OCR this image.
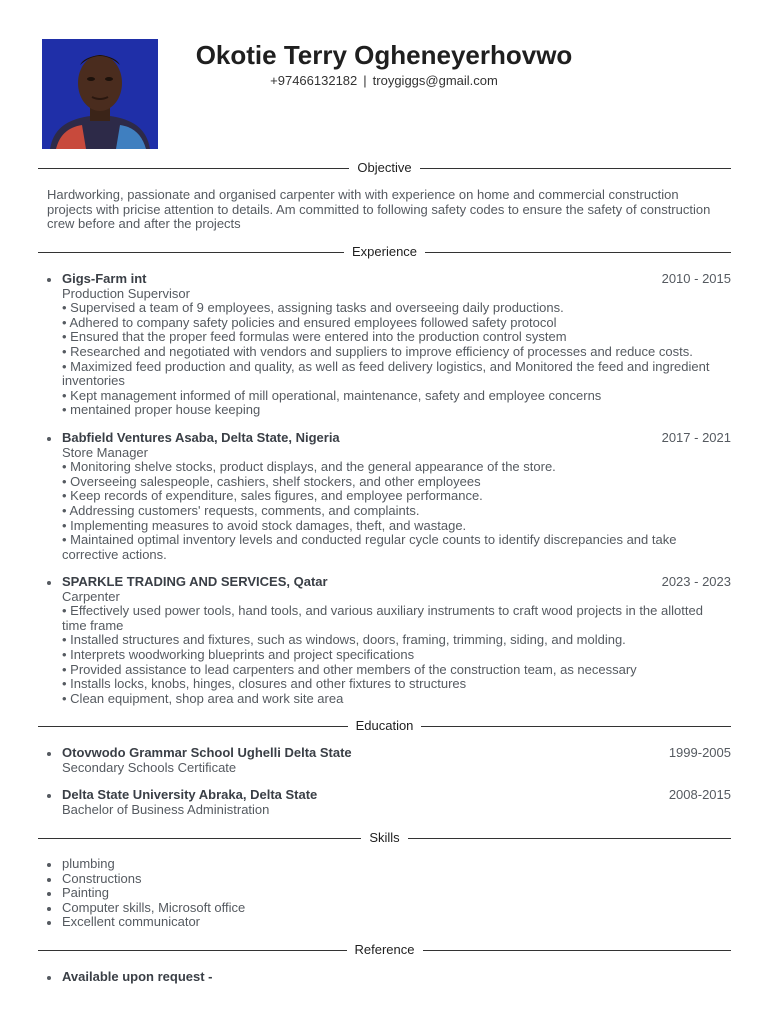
Okotie Terry Ogheneyerhovwo
+97466132182 | troygiggs@gmail.com
Objective
Hardworking, passionate and organised carpenter with with experience on home and commercial construction projects with pricise attention to details. Am committed to following safety codes to ensure the safety of construction crew before and after the projects
Experience
Gigs-Farm int	2010 - 2015
Production Supervisor
• Supervised a team of 9 employees, assigning tasks and overseeing daily productions.
• Adhered to company safety policies and ensured employees followed safety protocol
• Ensured that the proper feed formulas were entered into the production control system
• Researched and negotiated with vendors and suppliers to improve efficiency of processes and reduce costs.
• Maximized feed production and quality, as well as feed delivery logistics, and Monitored the feed and ingredient inventories
• Kept management informed of mill operational, maintenance, safety and employee concerns
• mentained proper house keeping
Babfield Ventures Asaba, Delta State, Nigeria	2017 - 2021
Store Manager
• Monitoring shelve stocks, product displays, and the general appearance of the store.
• Overseeing salespeople, cashiers, shelf stockers, and other employees
• Keep records of expenditure, sales figures, and employee performance.
• Addressing customers' requests, comments, and complaints.
• Implementing measures to avoid stock damages, theft, and wastage.
• Maintained optimal inventory levels and conducted regular cycle counts to identify discrepancies and take corrective actions.
SPARKLE TRADING AND SERVICES, Qatar	2023 - 2023
Carpenter
• Effectively used power tools, hand tools, and various auxiliary instruments to craft wood projects in the allotted time frame
• Installed structures and fixtures, such as windows, doors, framing, trimming, siding, and molding.
• Interprets woodworking blueprints and project specifications
• Provided assistance to lead carpenters and other members of the construction team, as necessary
• Installs locks, knobs, hinges, closures and other fixtures to structures
• Clean equipment, shop area and work site area
Education
Otovwodo Grammar School Ughelli Delta State	1999-2005
Secondary Schools Certificate
Delta State University Abraka, Delta State	2008-2015
Bachelor of Business Administration
Skills
plumbing
Constructions
Painting
Computer skills, Microsoft office
Excellent communicator
Reference
Available upon request -
